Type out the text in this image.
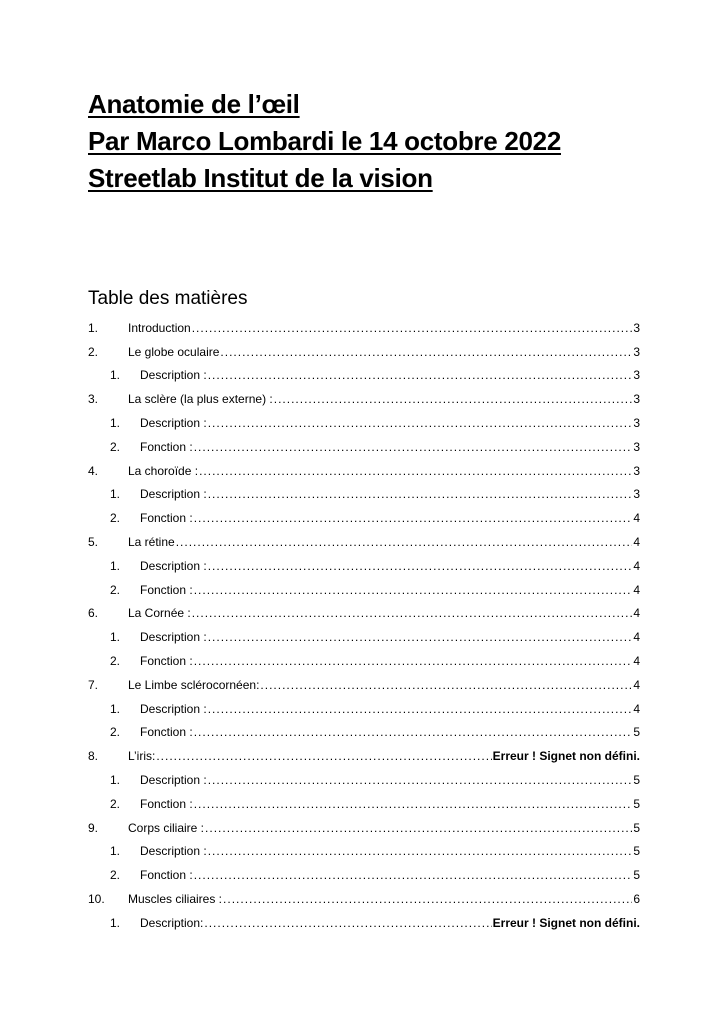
Anatomie de l’œil
Par Marco Lombardi le 14 octobre 2022
Streetlab Institut de la vision
Table des matières
1.	Introduction .....	3
2.	Le globe oculaire .....	3
1.	Description : .....	3
3.	La sclère (la plus externe) : .....	3
1.	Description : .....	3
2.	Fonction : .....	3
4.	La choroïde : .....	3
1.	Description : .....	3
2.	Fonction : .....	4
5.	La rétine .....	4
1.	Description : .....	4
2.	Fonction : .....	4
6.	La Cornée : .....	4
1.	Description : .....	4
2.	Fonction : .....	4
7.	Le Limbe sclérocornéen: .....	4
1.	Description : .....	4
2.	Fonction : .....	5
8.	L’iris: .....	Erreur ! Signet non défini.
1.	Description : .....	5
2.	Fonction : .....	5
9.	Corps ciliaire : .....	5
1.	Description : .....	5
2.	Fonction : .....	5
10.	Muscles ciliaires : .....	6
1.	Description: .....	Erreur ! Signet non défini.
